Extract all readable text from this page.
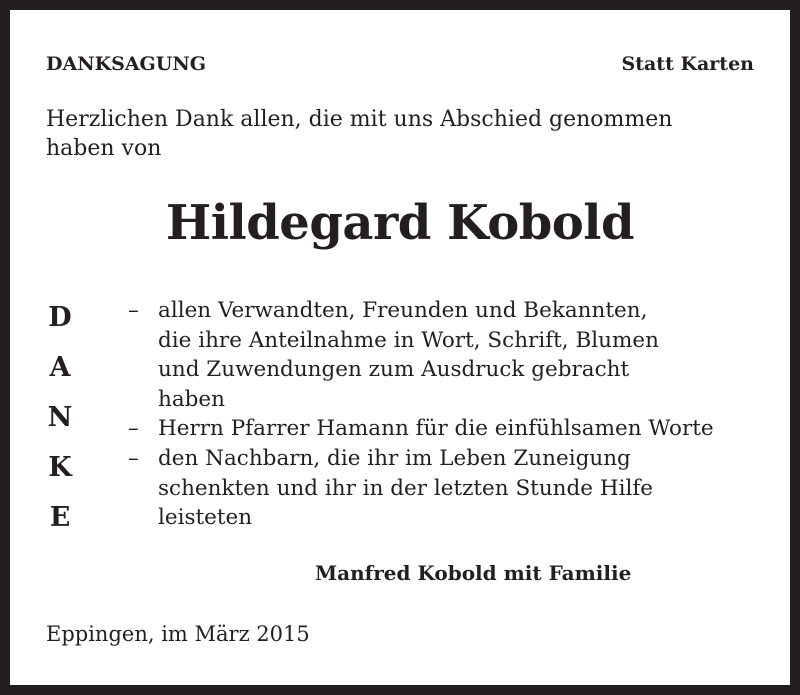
DANKSAGUNG	Statt Karten
Herzlichen Dank allen, die mit uns Abschied genommen
haben von
Hildegard Kobold
D
A
N
K
E
– allen Verwandten, Freunden und Bekannten,
die ihre Anteilnahme in Wort, Schrift, Blumen
und Zuwendungen zum Ausdruck gebracht
haben
– Herrn Pfarrer Hamann für die einfühlsamen Worte
– den Nachbarn, die ihr im Leben Zuneigung
schenkten und ihr in der letzten Stunde Hilfe
leisteten
Manfred Kobold mit Familie
Eppingen, im März 2015
